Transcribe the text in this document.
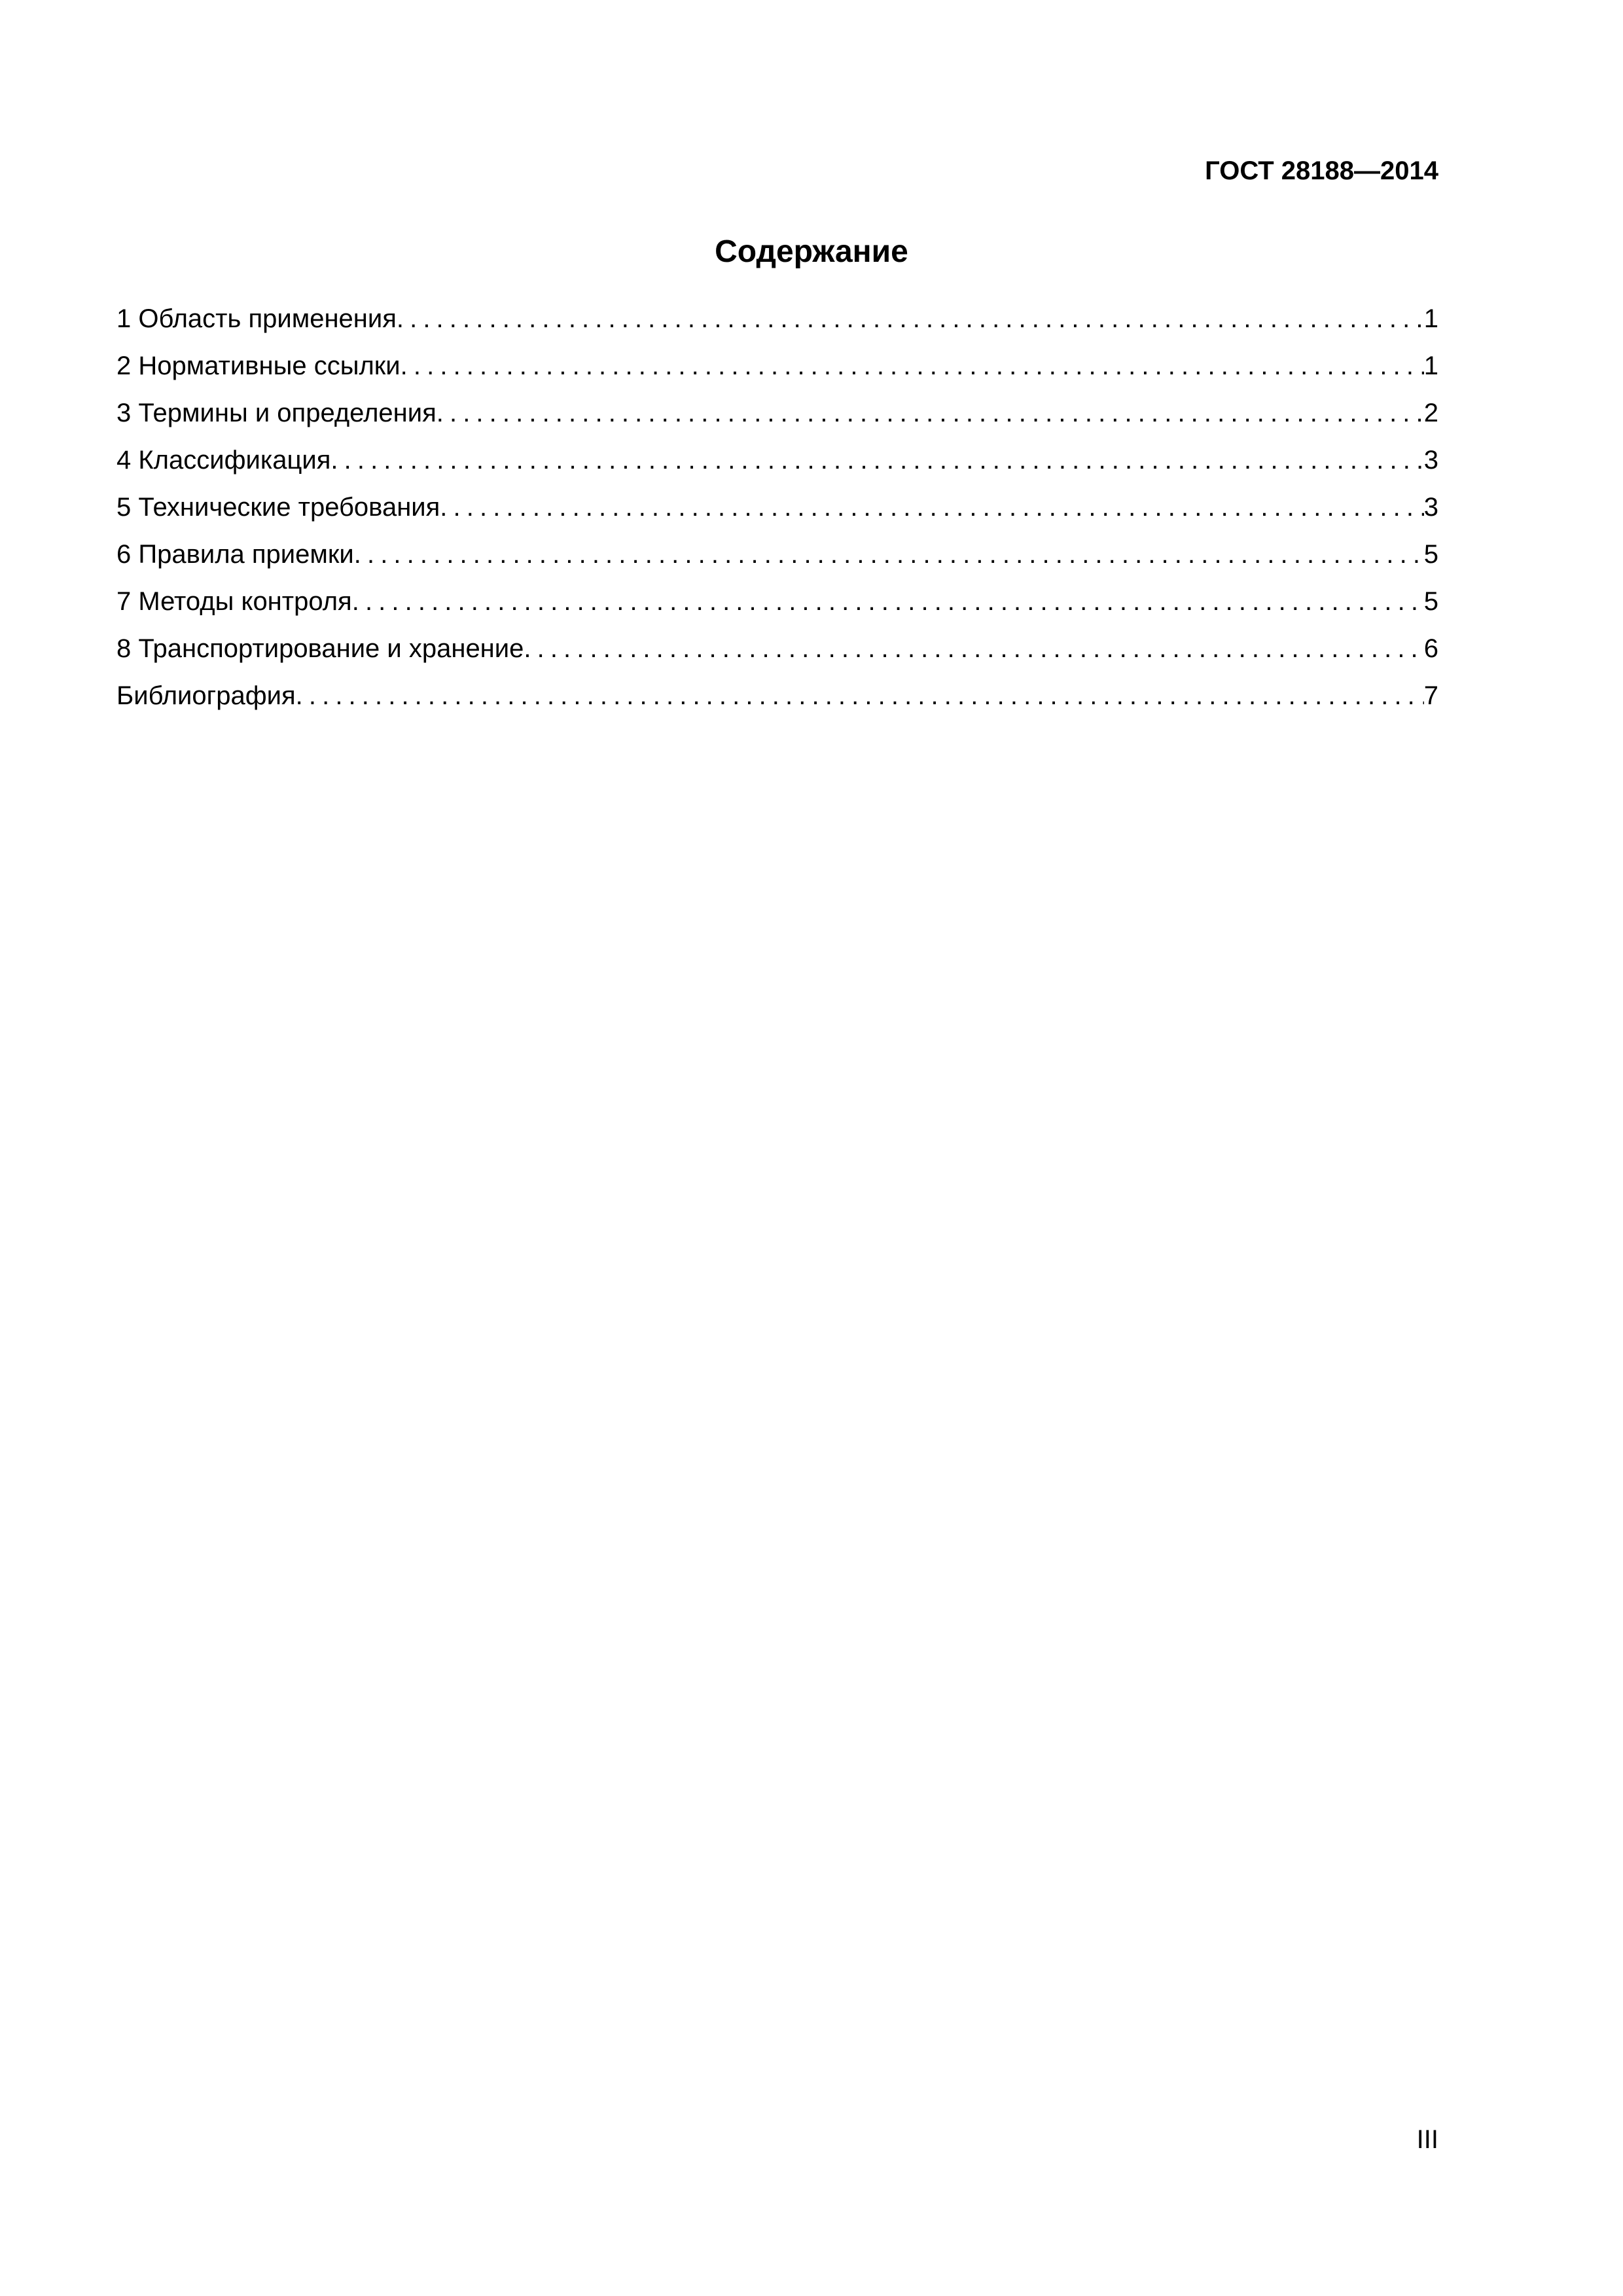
ГОСТ 28188—2014
Содержание
1 Область применения . . .	1
2 Нормативные ссылки . . .	1
3 Термины и определения . . .	2
4 Классификация . . .	3
5 Технические требования . . .	3
6 Правила приемки . . .	5
7 Методы контроля . . .	5
8 Транспортирование и хранение . . .	6
Библиография . . .	7
III
